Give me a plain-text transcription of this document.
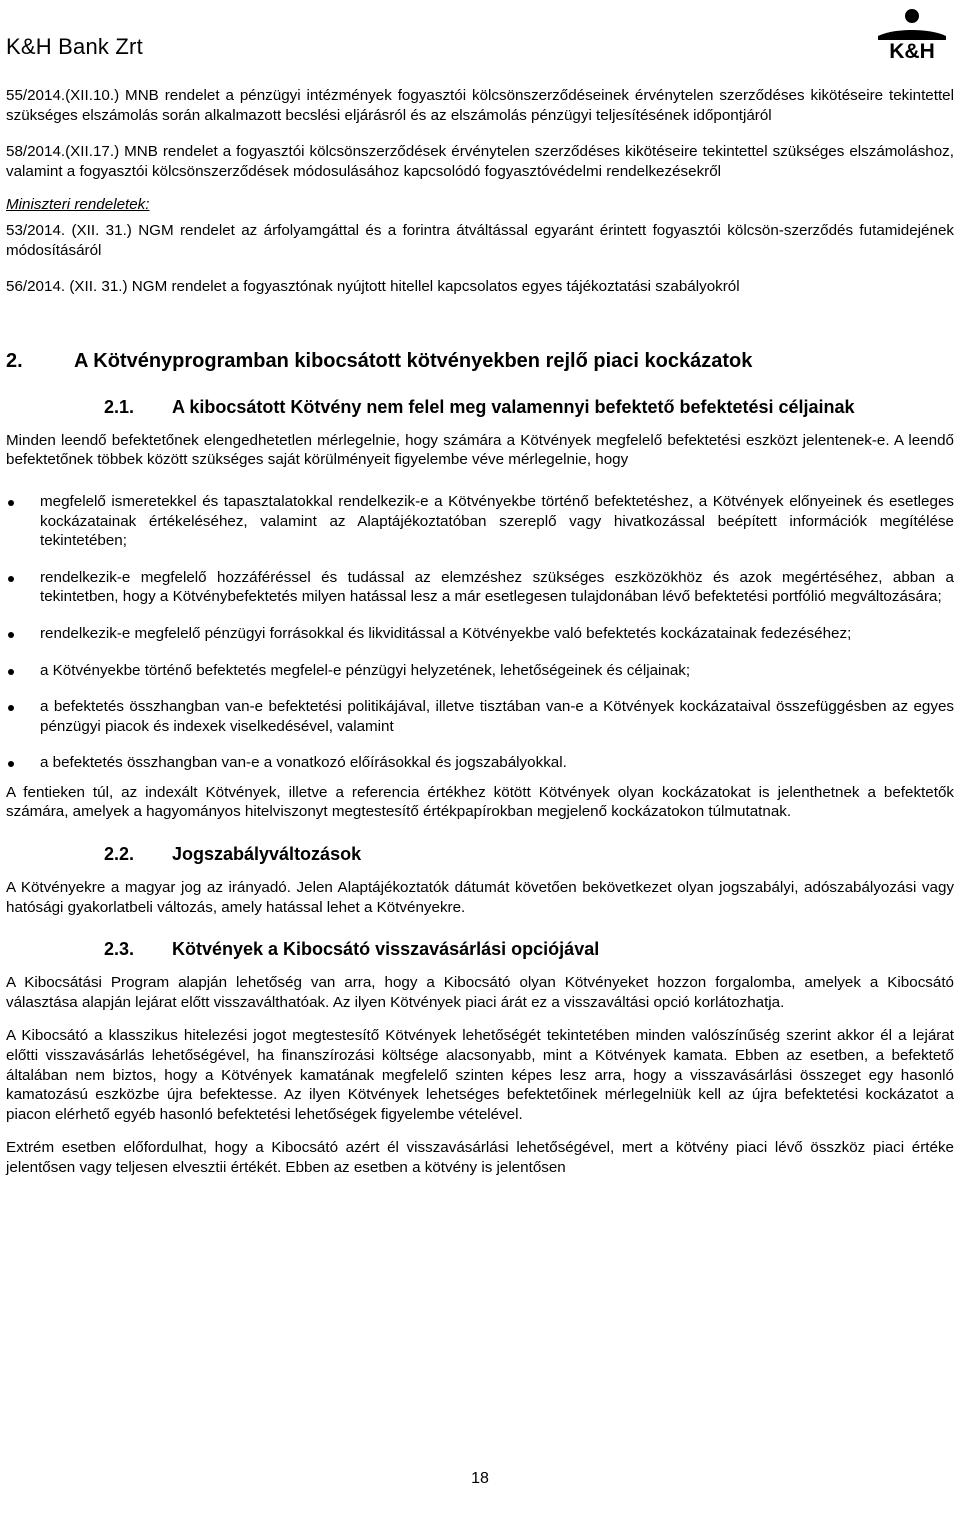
K&H Bank Zrt	K&H

55/2014.(XII.10.) MNB rendelet a pénzügyi intézmények fogyasztói kölcsönszerződéseinek érvénytelen szerződéses kikötéseire tekintettel szükséges elszámolás során alkalmazott becslési eljárásról és az elszámolás pénzügyi teljesítésének időpontjáról

58/2014.(XII.17.) MNB rendelet a fogyasztói kölcsönszerződések érvénytelen szerződéses kikötéseire tekintettel szükséges elszámoláshoz, valamint a fogyasztói kölcsönszerződések módosulásához kapcsolódó fogyasztóvédelmi rendelkezésekről

Miniszteri rendeletek:

53/2014. (XII. 31.) NGM rendelet az árfolyamgáttal és a forintra átváltással egyaránt érintett fogyasztói kölcsön-szerződés futamidejének módosításáról

56/2014. (XII. 31.) NGM rendelet a fogyasztónak nyújtott hitellel kapcsolatos egyes tájékoztatási szabályokról

2.	A Kötvényprogramban kibocsátott kötvényekben rejlő piaci kockázatok
2.1.	A kibocsátott Kötvény nem felel meg valamennyi befektető befektetési céljainak

Minden leendő befektetőnek elengedhetetlen mérlegelnie, hogy számára a Kötvények megfelelő befektetési eszközt jelentenek-e. A leendő befektetőnek többek között szükséges saját körülményeit figyelembe véve mérlegelnie, hogy

megfelelő ismeretekkel és tapasztalatokkal rendelkezik-e a Kötvényekbe történő befektetéshez, a Kötvények előnyeinek és esetleges kockázatainak értékeléséhez, valamint az Alaptájékoztatóban szereplő vagy hivatkozással beépített információk megítélése tekintetében;
rendelkezik-e megfelelő hozzáféréssel és tudással az elemzéshez szükséges eszközökhöz és azok megértéséhez, abban a tekintetben, hogy a Kötvénybefektetés milyen hatással lesz a már esetlegesen tulajdonában lévő befektetési portfólió megváltozására;
rendelkezik-e megfelelő pénzügyi forrásokkal és likviditással a Kötvényekbe való befektetés kockázatainak fedezéséhez;
a Kötvényekbe történő befektetés megfelel-e pénzügyi helyzetének, lehetőségeinek és céljainak;
a befektetés összhangban van-e befektetési politikájával, illetve tisztában van-e a Kötvények kockázataival összefüggésben az egyes pénzügyi piacok és indexek viselkedésével, valamint
a befektetés összhangban van-e a vonatkozó előírásokkal és jogszabályokkal.

A fentieken túl, az indexált Kötvények, illetve a referencia értékhez kötött Kötvények olyan kockázatokat is jelenthetnek a befektetők számára, amelyek a hagyományos hitelviszonyt megtestesítő értékpapírokban megjelenő kockázatokon túlmutatnak.

2.2.	Jogszabályváltozások

A Kötvényekre a magyar jog az irányadó. Jelen Alaptájékoztatók dátumát követően bekövetkezet olyan jogszabályi, adószabályozási vagy hatósági gyakorlatbeli változás, amely hatással lehet a Kötvényekre.

2.3.	Kötvények a Kibocsátó visszavásárlási opciójával

A Kibocsátási Program alapján lehetőség van arra, hogy a Kibocsátó olyan Kötvényeket hozzon forgalomba, amelyek a Kibocsátó választása alapján lejárat előtt visszaválthatóak. Az ilyen Kötvények piaci árát ez a visszaváltási opció korlátozhatja.

A Kibocsátó a klasszikus hitelezési jogot megtestesítő Kötvények lehetőségét tekintetében minden valószínűség szerint akkor él a lejárat előtti visszavásárlás lehetőségével, ha finanszírozási költsége alacsonyabb, mint a Kötvények kamata. Ebben az esetben, a befektető általában nem biztos, hogy a Kötvények kamatának megfelelő szinten képes lesz arra, hogy a visszavásárlási összeget egy hasonló kamatozású eszközbe újra befektesse. Az ilyen Kötvények lehetséges befektetőinek mérlegelniük kell az újra befektetési kockázatot a piacon elérhető egyéb hasonló befektetési lehetőségek figyelembe vételével.

Extrém esetben előfordulhat, hogy a Kibocsátó azért él visszavásárlási lehetőségével, mert a kötvény piaci lévő összköz piaci értéke jelentősen vagy teljesen elvesztii értékét. Ebben az esetben a kötvény is jelentősen

18
